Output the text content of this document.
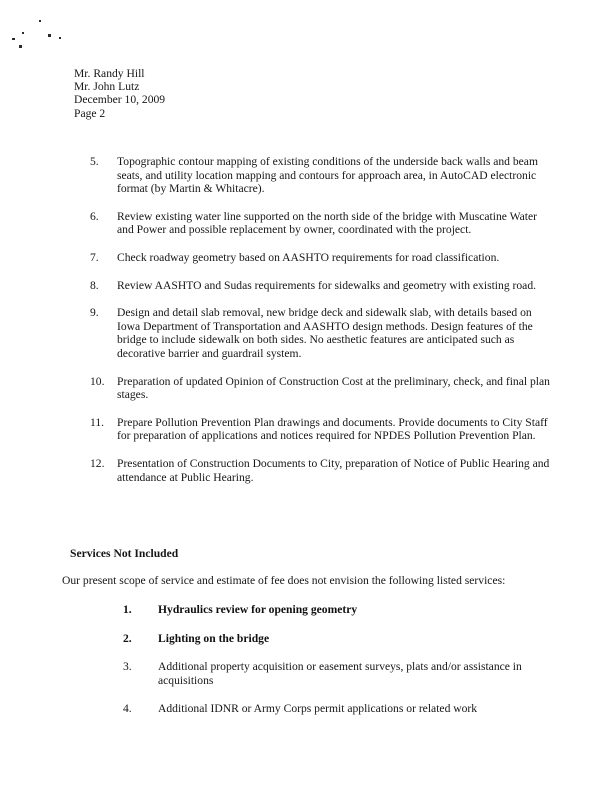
Mr. Randy Hill
Mr. John Lutz
December 10, 2009
Page 2
5.	Topographic contour mapping of existing conditions of the underside back walls and beam seats, and utility location mapping and contours for approach area, in AutoCAD electronic format (by Martin & Whitacre).
6.	Review existing water line supported on the north side of the bridge with Muscatine Water and Power and possible replacement by owner, coordinated with the project.
7.	Check roadway geometry based on AASHTO requirements for road classification.
8.	Review AASHTO and Sudas requirements for sidewalks and geometry with existing road.
9.	Design and detail slab removal, new bridge deck and sidewalk slab, with details based on Iowa Department of Transportation and AASHTO design methods. Design features of the bridge to include sidewalk on both sides. No aesthetic features are anticipated such as decorative barrier and guardrail system.
10.	Preparation of updated Opinion of Construction Cost at the preliminary, check, and final plan stages.
11.	Prepare Pollution Prevention Plan drawings and documents. Provide documents to City Staff for preparation of applications and notices required for NPDES Pollution Prevention Plan.
12.	Presentation of Construction Documents to City, preparation of Notice of Public Hearing and attendance at Public Hearing.
Services Not Included
Our present scope of service and estimate of fee does not envision the following listed services:
1.	Hydraulics review for opening geometry
2.	Lighting on the bridge
3.	Additional property acquisition or easement surveys, plats and/or assistance in acquisitions
4.	Additional IDNR or Army Corps permit applications or related work
